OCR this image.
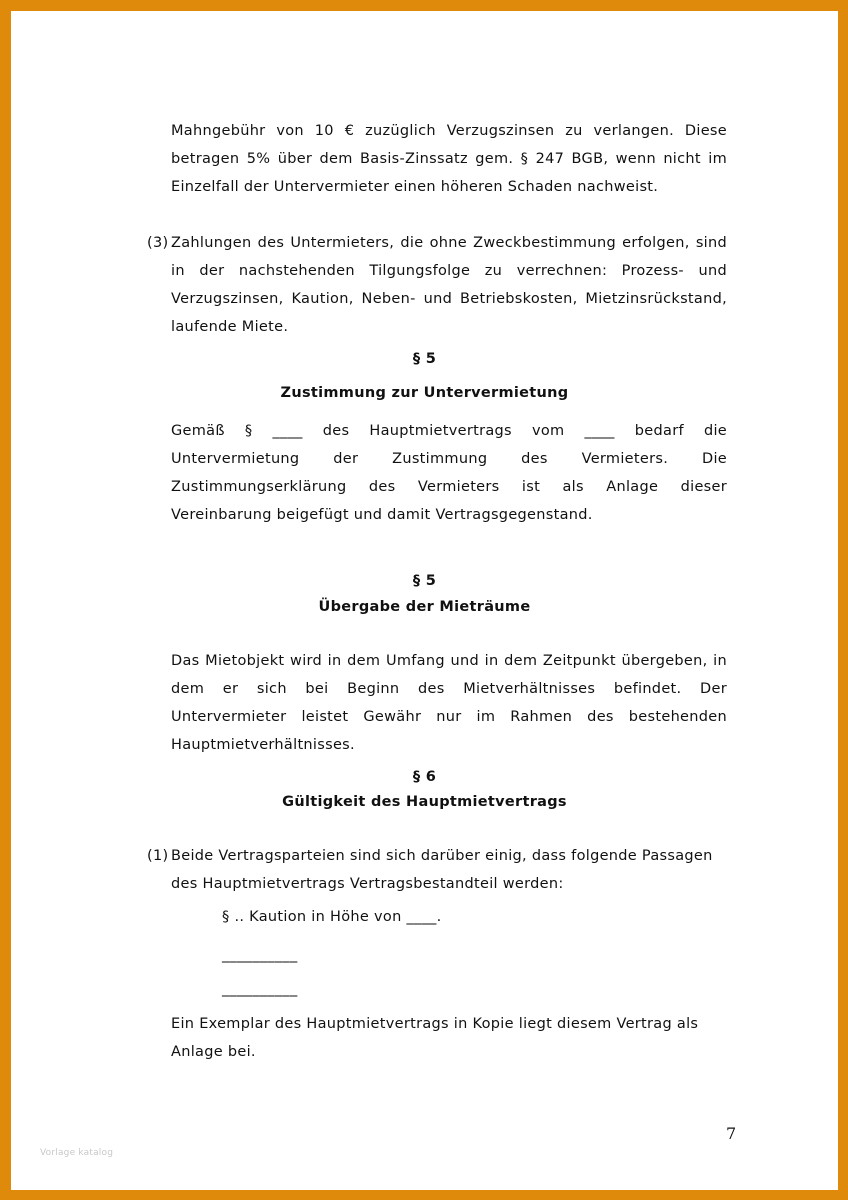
Mahngebühr von 10 € zuzüglich Verzugszinsen zu verlangen. Diese betragen 5% über dem Basis-Zinssatz gem. § 247 BGB, wenn nicht im Einzelfall der Untervermieter einen höheren Schaden nachweist.

(3) Zahlungen des Untermieters, die ohne Zweckbestimmung erfolgen, sind in der nachstehenden Tilgungsfolge zu verrechnen: Prozess- und Verzugszinsen, Kaution, Neben- und Betriebskosten, Mietzinsrückstand, laufende Miete.

§ 5
Zustimmung zur Untervermietung

Gemäß § ____ des Hauptmietvertrags vom ____ bedarf die Untervermietung der Zustimmung des Vermieters. Die Zustimmungserklärung des Vermieters ist als Anlage dieser Vereinbarung beigefügt und damit Vertragsgegenstand.

§ 5
Übergabe der Mieträume

Das Mietobjekt wird in dem Umfang und in dem Zeitpunkt übergeben, in dem er sich bei Beginn des Mietverhältnisses befindet. Der Untervermieter leistet Gewähr nur im Rahmen des bestehenden Hauptmietverhältnisses.

§ 6
Gültigkeit des Hauptmietvertrags
(1) Beide Vertragsparteien sind sich darüber einig, dass folgende Passagen
des Hauptmietvertrags Vertragsbestandteil werden:
§ .. Kaution in Höhe von ____.
__________
__________

Ein Exemplar des Hauptmietvertrags in Kopie liegt diesem Vertrag als Anlage bei.

7
Vorlage katalog
